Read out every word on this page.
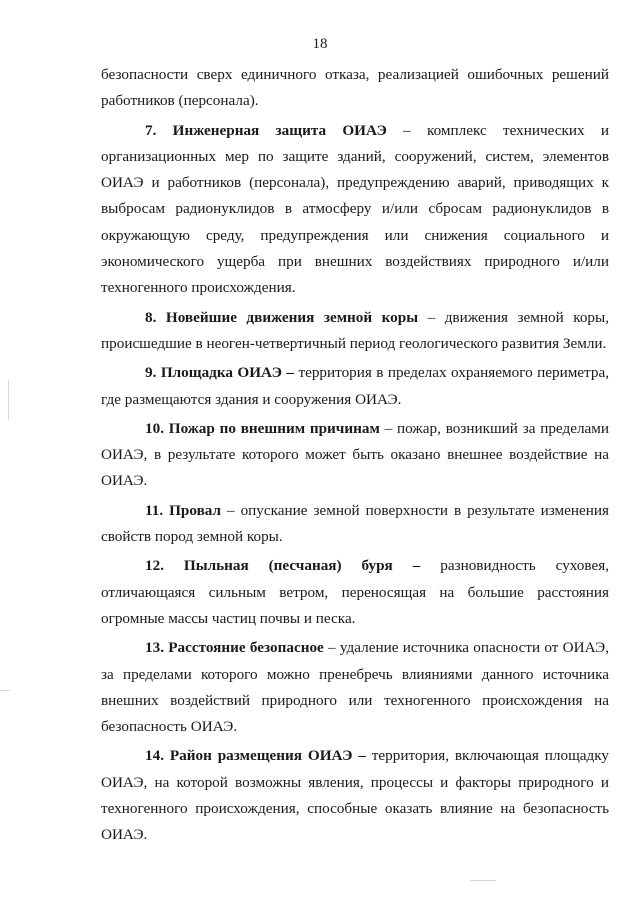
18

безопасности сверх единичного отказа, реализацией ошибочных решений работников (персонала).

7. Инженерная защита ОИАЭ – комплекс технических и организационных мер по защите зданий, сооружений, систем, элементов ОИАЭ и работников (персонала), предупреждению аварий, приводящих к выбросам радионуклидов в атмосферу и/или сбросам радионуклидов в окружающую среду, предупреждения или снижения социального и экономического ущерба при внешних воздействиях природного и/или техногенного происхождения.

8. Новейшие движения земной коры – движения земной коры, происшедшие в неоген-четвертичный период геологического развития Земли.

9. Площадка ОИАЭ – территория в пределах охраняемого периметра, где размещаются здания и сооружения ОИАЭ.

10. Пожар по внешним причинам – пожар, возникший за пределами ОИАЭ, в результате которого может быть оказано внешнее воздействие на ОИАЭ.

11. Провал – опускание земной поверхности в результате изменения свойств пород земной коры.

12. Пыльная (песчаная) буря – разновидность суховея, отличающаяся сильным ветром, переносящая на большие расстояния огромные массы частиц почвы и песка.

13. Расстояние безопасное – удаление источника опасности от ОИАЭ, за пределами которого можно пренебречь влияниями данного источника внешних воздействий природного или техногенного происхождения на безопасность ОИАЭ.

14. Район размещения ОИАЭ – территория, включающая площадку ОИАЭ, на которой возможны явления, процессы и факторы природного и техногенного происхождения, способные оказать влияние на безопасность ОИАЭ.
